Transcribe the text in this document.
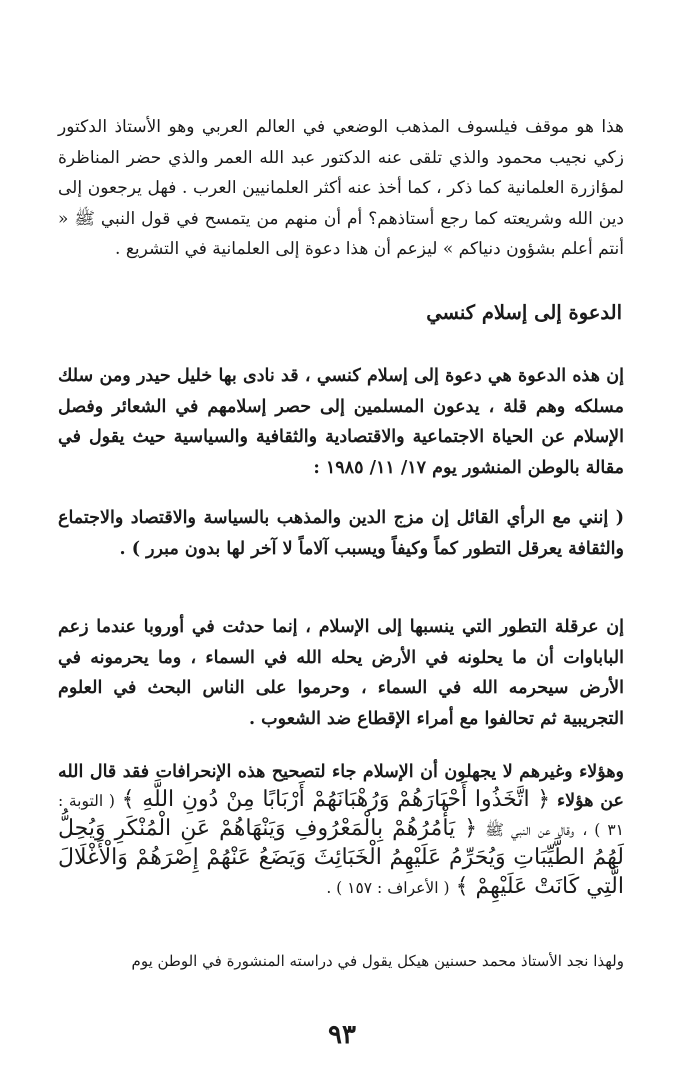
هذا هو موقف فيلسوف المذهب الوضعي في العالم العربي وهو الأستاذ الدكتور زكي نجيب محمود والذي تلقى عنه الدكتور عبد الله العمر والذي حضر المناظرة لمؤازرة العلمانية كما ذكر ، كما أخذ عنه أكثر العلمانيين العرب . فهل يرجعون إلى دين الله وشريعته كما رجع أستاذهم؟ أم أن منهم من يتمسح في قول النبي ﷺ « أنتم أعلم بشؤون دنياكم » ليزعم أن هذا دعوة إلى العلمانية في التشريع .

الدعوة إلى إسلام كنسي

إن هذه الدعوة هي دعوة إلى إسلام كنسي ، قد نادى بها خليل حيدر ومن سلك مسلكه وهم قلة ، يدعون المسلمين إلى حصر إسلامهم في الشعائر وفصل الإسلام عن الحياة الاجتماعية والاقتصادية والثقافية والسياسية حيث يقول في مقالة بالوطن المنشور يوم ١٧/ ١١/ ١٩٨٥ :

( إنني مع الرأي القائل إن مزج الدين والمذهب بالسياسة والاقتصاد والاجتماع والثقافة يعرقل التطور كماً وكيفاً ويسبب آلاماً لا آخر لها بدون مبرر ) .

إن عرقلة التطور التي ينسبها إلى الإسلام ، إنما حدثت في أوروبا عندما زعم الباباوات أن ما يحلونه في الأرض يحله الله في السماء ، وما يحرمونه في الأرض سيحرمه الله في السماء ، وحرموا على الناس البحث في العلوم التجريبية ثم تحالفوا مع أمراء الإقطاع ضد الشعوب .

وهؤلاء وغيرهم لا يجهلون أن الإسلام جاء لتصحيح هذه الإنحرافات فقد قال الله عن هؤلاء ﴿ اتَّخَذُوا أَحْبَارَهُمْ وَرُهْبَانَهُمْ أَرْبَابًا مِنْ دُونِ اللَّهِ ﴾ ( التوبة : ٣١ ) ، وقال عن النبي ﷺ ﴿ يَأْمُرُهُمْ بِالْمَعْرُوفِ وَيَنْهَاهُمْ عَنِ الْمُنْكَرِ وَيُحِلُّ لَهُمُ الطَّيِّبَاتِ وَيُحَرِّمُ عَلَيْهِمُ الْخَبَائِثَ وَيَضَعُ عَنْهُمْ إِصْرَهُمْ وَالْأَغْلَالَ الَّتِي كَانَتْ عَلَيْهِمْ ﴾ ( الأعراف : ١٥٧ ) .

ولهذا نجد الأستاذ محمد حسنين هيكل يقول في دراسته المنشورة في الوطن يوم

٩٣
